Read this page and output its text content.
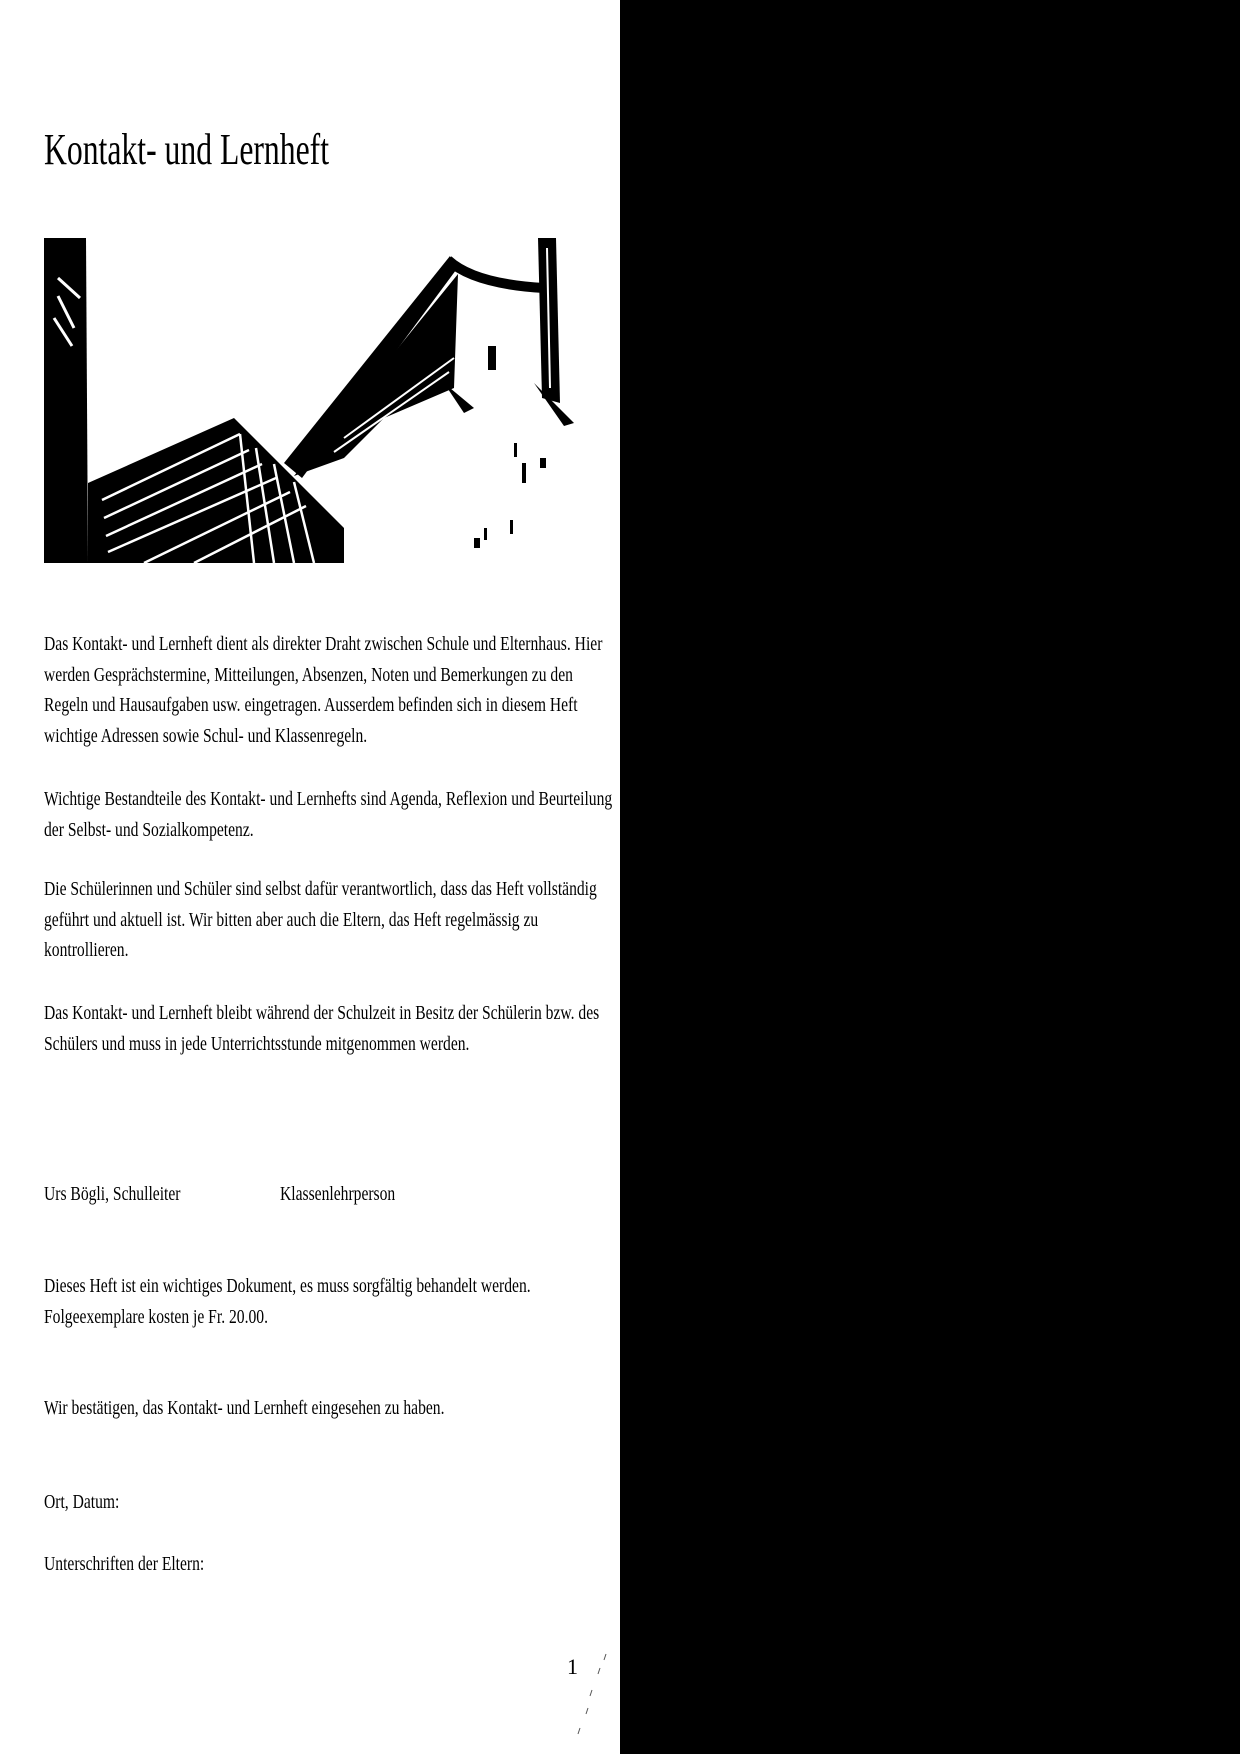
Kontakt- und Lernheft

Das Kontakt- und Lernheft dient als direkter Draht zwischen Schule und Elternhaus. Hier werden Gesprächstermine, Mitteilungen, Absenzen, Noten und Bemerkungen zu den Regeln und Hausaufgaben usw. eingetragen. Ausserdem befinden sich in diesem Heft wichtige Adressen sowie Schul- und Klassenregeln.

Wichtige Bestandteile des Kontakt- und Lernhefts sind Agenda, Reflexion und Beurteilung der Selbst- und Sozialkompetenz.

Die Schülerinnen und Schüler sind selbst dafür verantwortlich, dass das Heft vollständig geführt und aktuell ist. Wir bitten aber auch die Eltern, das Heft regelmässig zu kontrollieren.

Das Kontakt- und Lernheft bleibt während der Schulzeit in Besitz der Schülerin bzw. des Schülers und muss in jede Unterrichtsstunde mitgenommen werden.

Urs Bögli, Schulleiter	Klassenlehrperson

Dieses Heft ist ein wichtiges Dokument, es muss sorgfältig behandelt werden. Folgeexemplare kosten je Fr. 20.00.

Wir bestätigen, das Kontakt- und Lernheft eingesehen zu haben.
Ort, Datum:
Unterschriften der Eltern:
1
